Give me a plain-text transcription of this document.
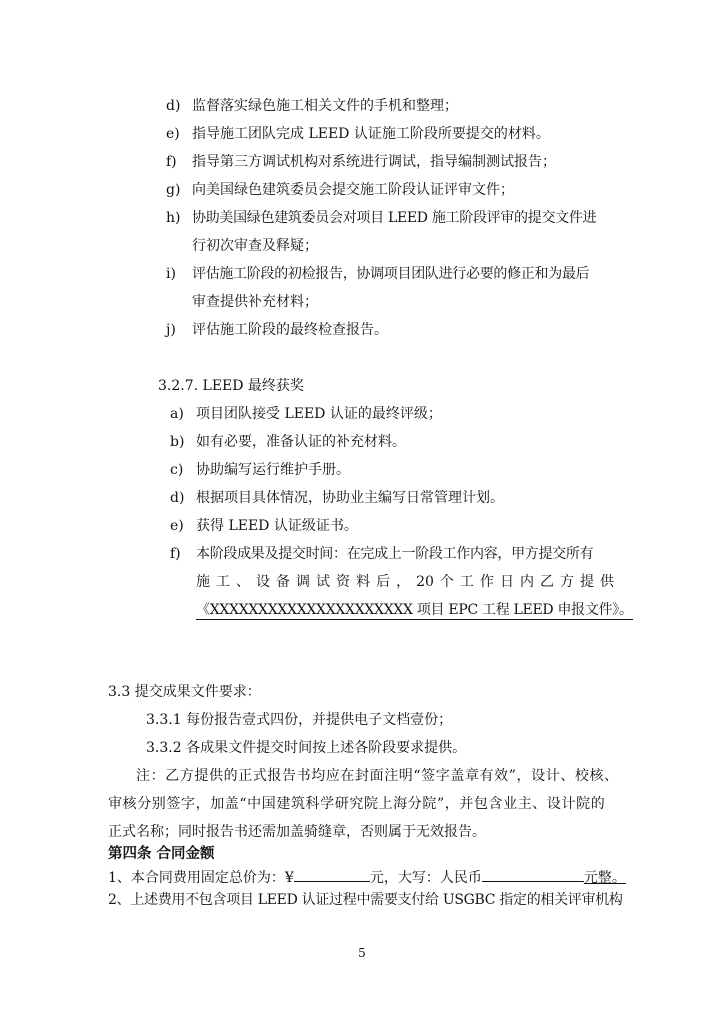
d) 监督落实绿色施工相关文件的手机和整理；
e) 指导施工团队完成 LEED 认证施工阶段所要提交的材料。
f) 指导第三方调试机构对系统进行调试，指导编制测试报告；
g) 向美国绿色建筑委员会提交施工阶段认证评审文件；
h) 协助美国绿色建筑委员会对项目 LEED 施工阶段评审的提交文件进
行初次审查及释疑；
i) 评估施工阶段的初检报告，协调项目团队进行必要的修正和为最后
审查提供补充材料；
j) 评估施工阶段的最终检查报告。
3.2.7. LEED 最终获奖
a) 项目团队接受 LEED 认证的最终评级；
b) 如有必要，准备认证的补充材料。
c) 协助编写运行维护手册。
d) 根据项目具体情况，协助业主编写日常管理计划。
e) 获得 LEED 认证级证书。
f) 本阶段成果及提交时间：在完成上一阶段工作内容，甲方提交所有
施工、设备调试资料后，20个工作日内乙方提供
《XXXXXXXXXXXXXXXXXXXXX 项目 EPC 工程 LEED 申报文件》。
3.3 提交成果文件要求：
3.3.1 每份报告壹式四份，并提供电子文档壹份；
3.3.2 各成果文件提交时间按上述各阶段要求提供。
注：乙方提供的正式报告书均应在封面注明“签字盖章有效”，设计、校核、
审核分别签字，加盖“中国建筑科学研究院上海分院”，并包含业主、设计院的
正式名称；同时报告书还需加盖骑缝章，否则属于无效报告。
第四条 合同金额
1、本合同费用固定总价为：¥	元，大写：人民币	元整。
2、上述费用不包含项目 LEED 认证过程中需要支付给 USGBC 指定的相关评审机构
5
